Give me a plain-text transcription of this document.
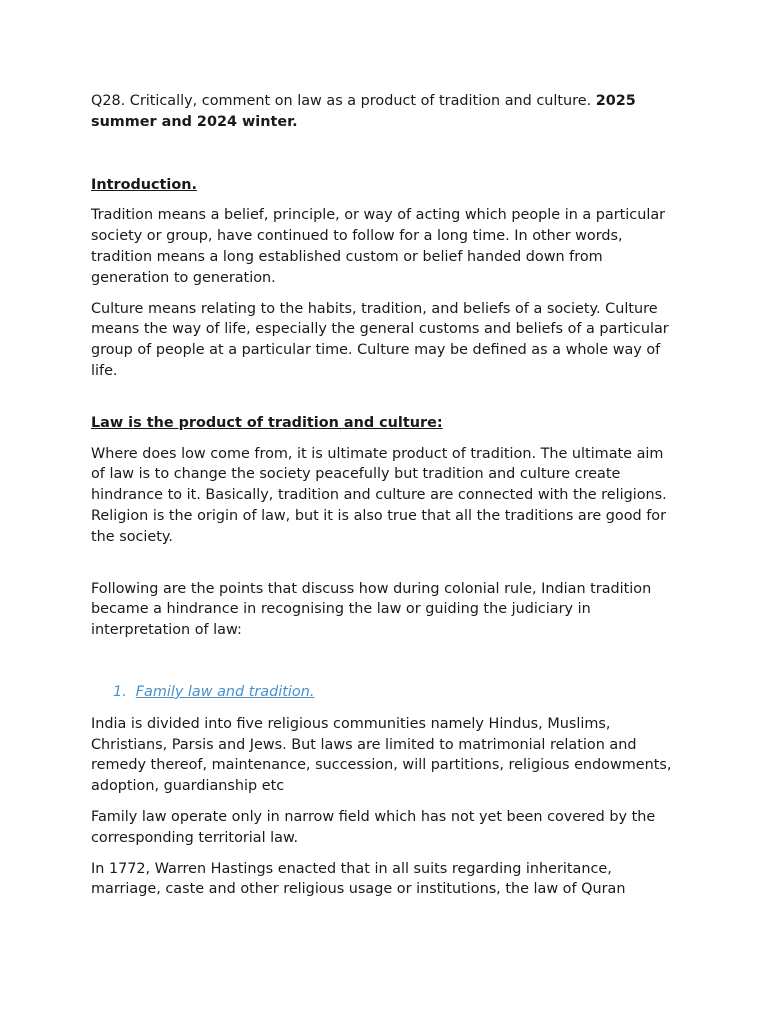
Q28. Critically, comment on law as a product of tradition and culture. 2025 summer and 2024 winter.

Introduction.

Tradition means a belief, principle, or way of acting which people in a particular society or group, have continued to follow for a long time. In other words, tradition means a long established custom or belief handed down from generation to generation.

Culture means relating to the habits, tradition, and beliefs of a society. Culture means the way of life, especially the general customs and beliefs of a particular group of people at a particular time. Culture may be defined as a whole way of life.

Law is the product of tradition and culture:

Where does low come from, it is ultimate product of tradition. The ultimate aim of law is to change the society peacefully but tradition and culture create hindrance to it. Basically, tradition and culture are connected with the religions. Religion is the origin of law, but it is also true that all the traditions are good for the society.

Following are the points that discuss how during colonial rule, Indian tradition became a hindrance in recognising the law or guiding the judiciary in interpretation of law:

1. Family law and tradition.

India is divided into five religious communities namely Hindus, Muslims, Christians, Parsis and Jews. But laws are limited to matrimonial relation and remedy thereof, maintenance, succession, will partitions, religious endowments, adoption, guardianship etc

Family law operate only in narrow field which has not yet been covered by the corresponding territorial law.

In 1772, Warren Hastings enacted that in all suits regarding inheritance, marriage, caste and other religious usage or institutions, the law of Quran
